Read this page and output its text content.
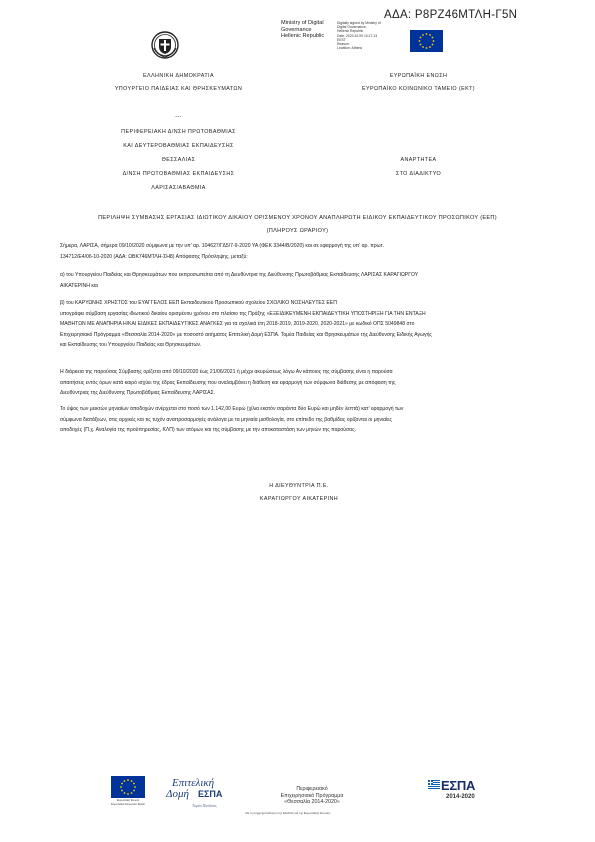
ΑΔΑ: Ρ8ΡΖ46ΜΤΛΗ-Γ5Ν
Ministry of Digital
Governance
Hellenic Republic
Digitally signed by Ministry of
Digital Governance,
Hellenic Republic
Date: 2020.10.09 10:17:13
EEST
Reason:
Location: Athens
ΕΛΛΗΝΙΚΗ ΔΗΜΟΚΡΑΤΙΑ
ΥΠΟΥΡΓΕΙΟ ΠΑΙΔΕΙΑΣ ΚΑΙ ΘΡΗΣΚΕΥΜΑΤΩΝ
---
ΠΕΡΙΦΕΡΕΙΑΚΗ Δ/ΝΣΗ ΠΡΩΤΟΒΑΘΜΙΑΣ
ΚΑΙ ΔΕΥΤΕΡΟΒΑΘΜΙΑΣ ΕΚΠΑΙΔΕΥΣΗΣ
ΘΕΣΣΑΛΙΑΣ
Δ/ΝΣΗ ΠΡΩΤΟΒΑΘΜΙΑΣ ΕΚΠΑΙΔΕΥΣΗΣ
ΛΑΡΙΣΑΣ/ΑΒΑΘΜΙΑ
ΕΥΡΩΠΑΪΚΗ ΕΝΩΣΗ
ΕΥΡΩΠΑΪΚΟ ΚΟΙΝΩΝΙΚΟ ΤΑΜΕΙΟ (ΕΚΤ)
ΑΝΑΡΤΗΤΕΑ
ΣΤΟ ΔΙΑΔΙΚΤΥΟ
ΠΕΡΙΛΗΨΗ ΣΥΜΒΑΣΗΣ ΕΡΓΑΣΙΑΣ ΙΔΙΩΤΙΚΟΥ ΔΙΚΑΙΟΥ ΟΡΙΣΜΕΝΟΥ ΧΡΟΝΟΥ ΑΝΑΠΛΗΡΩΤΗ ΕΙΔΙΚΟΥ ΕΚΠΑΙΔΕΥΤΙΚΟΥ ΠΡΟΣΩΠΙΚΟΥ (ΕΕΠ)
(ΠΛΗΡΟΥΣ ΩΡΑΡΙΟΥ)
Σήμερα, ΛΑΡΙΣΑ, σήμερα 09/10/2020 σύμφωνα με την υπ' αρ. 104627/ΓΔ5/7-9-2020 ΥΑ (ΦΕΚ 3344/Β/2020) και σε εφαρμογή της υπ' αρ. πρωτ.
134712/Ε4/06-10-2020 (ΑΔΑ: ΩΒΚ746ΜΤΛΗ-ΣΗ8) Απόφασης Πρόσληψης, μεταξύ:
α) του Υπουργείου Παιδείας και Θρησκευμάτων που εκπροσωπείται από τη Διευθύντρια της Διεύθυνσης Πρωτοβάθμιας Εκπαίδευσης ΛΑΡΙΣΑΣ ΚΑΡΑΓΙΩΡΓΟΥ
ΑΙΚΑΤΕΡΙΝΗ και
β) του ΚΑΡΥΩΝΗΣ ΧΡΗΣΤΟΣ του ΕΥΑΓΓΕΛΟΣ ΕΕΠ Εκπαιδευτικού Προσωπικού σχολείου ΣΧΟΛΙΚΟ ΝΟΣΗΛΕΥΤΕΣ ΕΕΠ
υπογράφει σύμβαση εργασίας ιδιωτικού δικαίου ορισμένου χρόνου στο πλαίσιο της Πράξης «ΕΞΕΙΔΙΚΕΥΜΕΝΗ ΕΚΠΑΙΔΕΥΤΙΚΗ ΥΠΟΣΤΗΡΙΞΗ ΓΙΑ ΤΗΝ ΕΝΤΑΞΗ
ΜΑΘΗΤΩΝ ΜΕ ΑΝΑΠΗΡΙΑ Η/ΚΑΙ ΕΙΔΙΚΕΣ ΕΚΠΑΙΔΕΥΤΙΚΕΣ ΑΝΑΓΚΕΣ για τα σχολικά έτη 2018-2019, 2019-2020, 2020-2021» με κωδικό ΟΠΣ 5049848 στο
Επιχειρησιακό Πρόγραμμα «Θεσσαλία 2014-2020» με ποσοστό αιτήματος Επιτελική Δομή ΕΣΠΑ. Τομέα Παιδείας και Θρησκευμάτων της Διεύθυνσης Ειδικής Αγωγής
και Εκπαίδευσης του Υπουργείου Παιδείας και Θρησκευμάτων.
Η διάρκεια της παρούσας Σύμβασης ορίζεται από 09/10/2020 έως 21/06/2021 ή μέχρι ακυρώσεως λόγω Αν κάποιος της σύμβασης είναι η παρούσα
απαιτήσεις εντός όρων κατά καιρό ισχύει της έδρας Εκπαίδευσης που αναλαμβάνει η διάθεση και εφαρμογή των σύμφωνα διάθεσης με απόφαση της
Διευθύντριας της Διεύθυνσης Πρωτοβάθμιας Εκπαίδευσης ΛΑΡΙΣΑΣ.
Το ύψος των μεικτών μηνιαίων αποδοχών ανέρχεται στο ποσό των 1.142,00 Ευρώ (χίλια εκατόν σαράντα δύο Ευρώ και μηδέν λεπτά) κατ' εφαρμογή των
σύμφωνα διατάξεων, στις αρχικές και τις τυχόν αναπροσαρμογές ανάλογα με τα μηνιαία μισθολογία, στο επίπεδο της βαθμίδας ορίζονται οι μηνιαίες
αποδοχές (Π.χ. Αναλογία της προϋπηρεσίας, ΚΛΠ) των ατόμων και της σύμβασης με την αποκαταστάση των μηνών της παρούσας.
Η ΔΙΕΥΘΥΝΤΡΙΑ Π.Ε.
ΚΑΡΑΓΙΩΡΓΟΥ ΑΙΚΑΤΕΡΙΝΗ
Ευρωπαϊκή Ένωση
Ευρωπαϊκό Κοινωνικό Ταμείο
Επιτελική
Δομή ΕΣΠΑ
Τομέα Παιδείας
Περιφερειακό
Επιχειρησιακό Πρόγραμμα
«Θεσσαλία 2014-2020»
Με τη συγχρηματοδότηση της Ελλάδας και της Ευρωπαϊκής Ένωσης
ΕΣΠΑ
2014-2020
